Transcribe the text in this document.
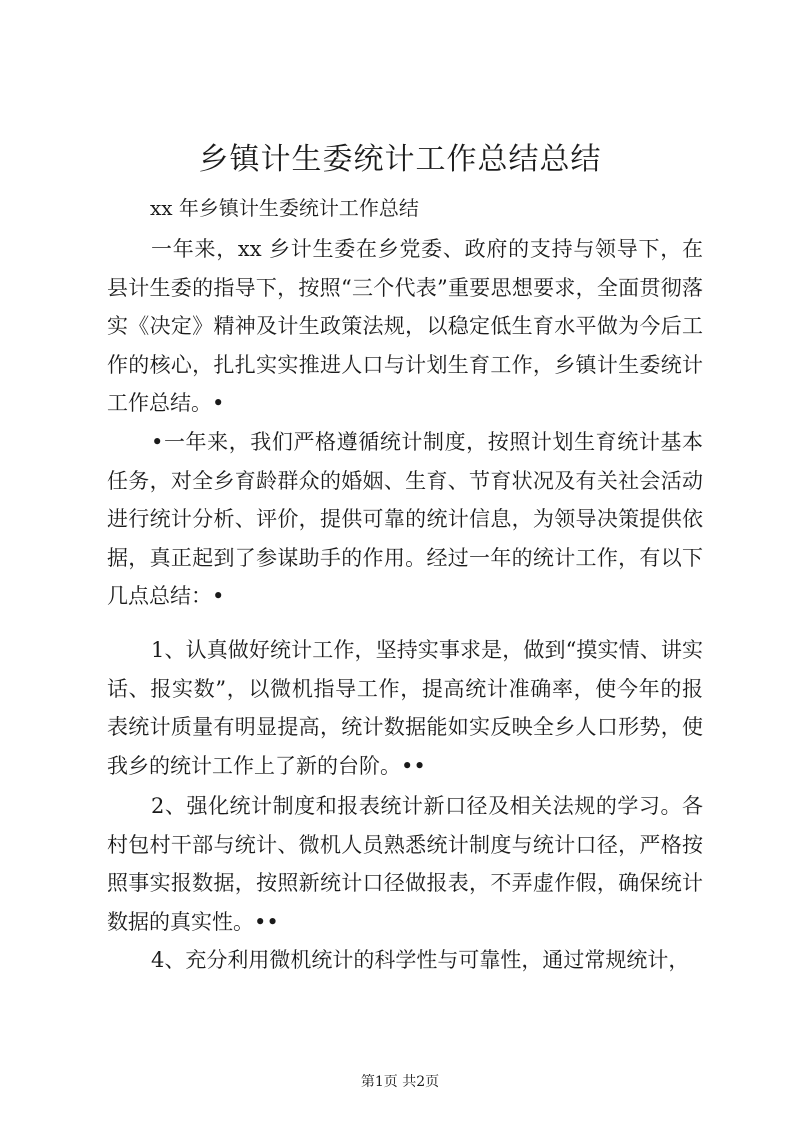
乡镇计生委统计工作总结总结

xx 年乡镇计生委统计工作总结

一年来，xx 乡计生委在乡党委、政府的支持与领导下，在县计生委的指导下，按照“三个代表”重要思想要求，全面贯彻落实《决定》精神及计生政策法规，以稳定低生育水平做为今后工作的核心，扎扎实实推进人口与计划生育工作，乡镇计生委统计工作总结。•

•一年来，我们严格遵循统计制度，按照计划生育统计基本任务，对全乡育龄群众的婚姻、生育、节育状况及有关社会活动进行统计分析、评价，提供可靠的统计信息，为领导决策提供依据，真正起到了参谋助手的作用。经过一年的统计工作，有以下几点总结：•

1、认真做好统计工作，坚持实事求是，做到“摸实情、讲实话、报实数”，以微机指导工作，提高统计准确率，使今年的报表统计质量有明显提高，统计数据能如实反映全乡人口形势，使我乡的统计工作上了新的台阶。••

2、强化统计制度和报表统计新口径及相关法规的学习。各村包村干部与统计、微机人员熟悉统计制度与统计口径，严格按照事实报数据，按照新统计口径做报表，不弄虚作假，确保统计数据的真实性。••

4、充分利用微机统计的科学性与可靠性，通过常规统计，

第1页 共2页
